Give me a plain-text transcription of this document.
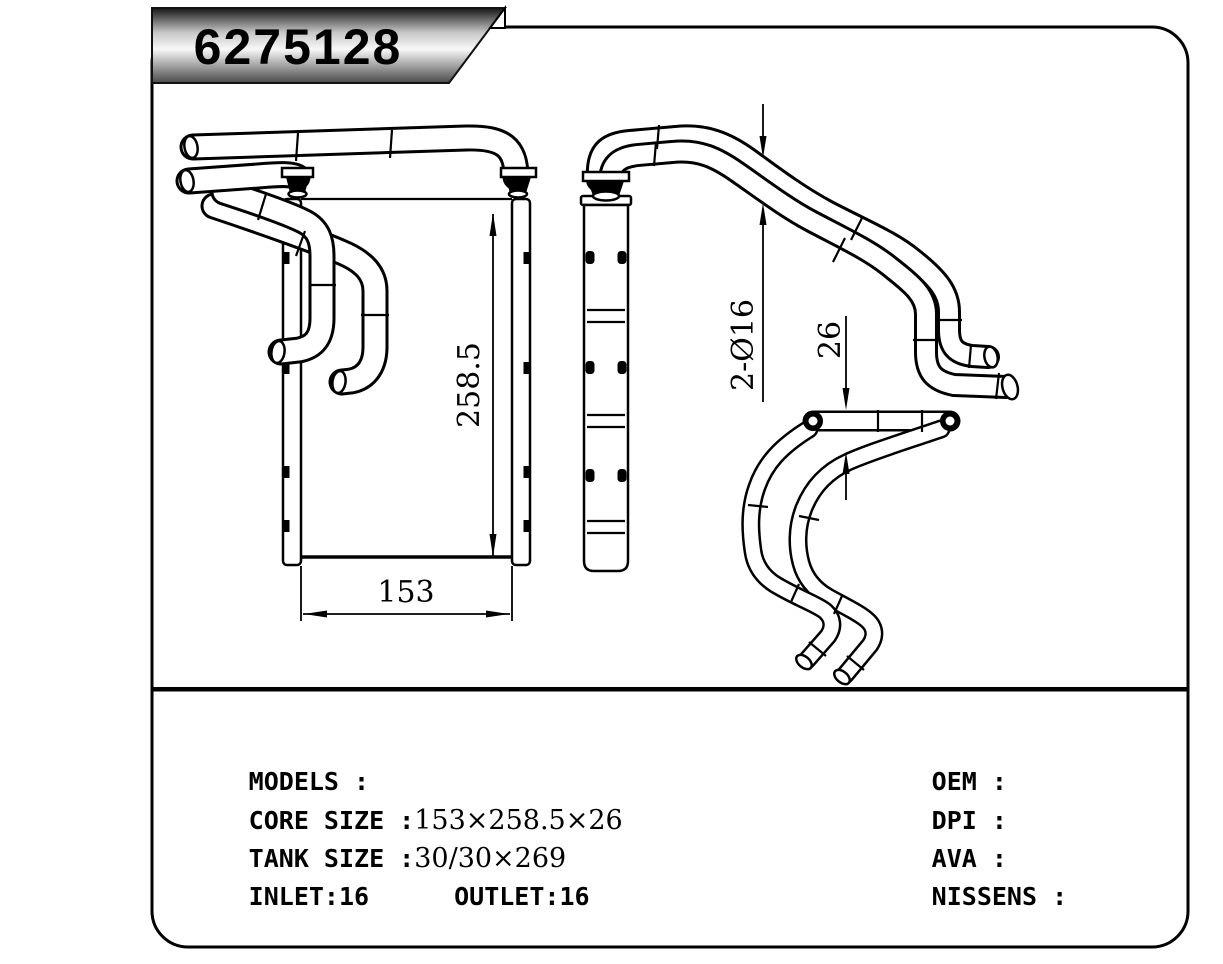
258.5
153
2-Ø16 26
6275128

MODELS :

CORE SIZE :153×258.5×26

TANK SIZE :30/30×269

INLET:16	OUTLET:16

OEM :

DPI :

AVA :

NISSENS :
